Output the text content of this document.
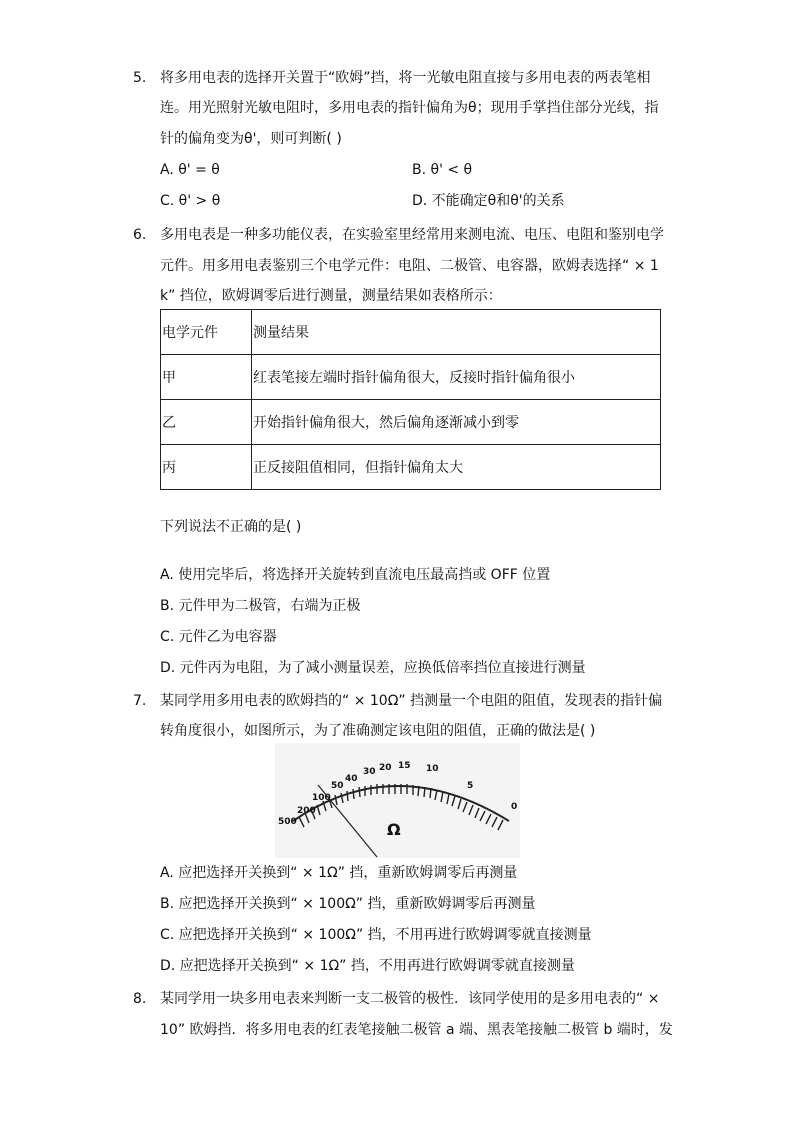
5. 将多用电表的选择开关置于“欧姆”挡，将一光敏电阻直接与多用电表的两表笔相
连。用光照射光敏电阻时，多用电表的指针偏角为θ；现用手掌挡住部分光线，指
针的偏角变为θ'，则可判断( )
A. θ' = θ	B. θ' < θ
C. θ' > θ	D. 不能确定θ和θ'的关系
6. 多用电表是一种多功能仪表，在实验室里经常用来测电流、电压、电阻和鉴别电学
元件。用多用电表鉴别三个电学元件：电阻、二极管、电容器，欧姆表选择“ × 1
k” 挡位，欧姆调零后进行测量，测量结果如表格所示：
电学元件	测量结果
甲	红表笔接左端时指针偏角很大，反接时指针偏角很小
乙	开始指针偏角很大，然后偏角逐渐减小到零
丙	正反接阻值相同，但指针偏角太大
下列说法不正确的是( )
A. 使用完毕后，将选择开关旋转到直流电压最高挡或 OFF 位置
B. 元件甲为二极管，右端为正极
C. 元件乙为电容器
D. 元件丙为电阻，为了减小测量误差，应换低倍率挡位直接进行测量
7. 某同学用多用电表的欧姆挡的“ × 10Ω” 挡测量一个电阻的阻值，发现表的指针偏
转角度很小，如图所示，为了准确测定该电阻的阻值，正确的做法是( )
500
200
100
50
40
30 20 15 10
5
0
Ω
A. 应把选择开关换到“ × 1Ω” 挡，重新欧姆调零后再测量
B. 应把选择开关换到“ × 100Ω” 挡，重新欧姆调零后再测量
C. 应把选择开关换到“ × 100Ω” 挡，不用再进行欧姆调零就直接测量
D. 应把选择开关换到“ × 1Ω” 挡，不用再进行欧姆调零就直接测量
8. 某同学用一块多用电表来判断一支二极管的极性．该同学使用的是多用电表的“ ×
10” 欧姆挡．将多用电表的红表笔接触二极管 a 端、黑表笔接触二极管 b 端时，发
